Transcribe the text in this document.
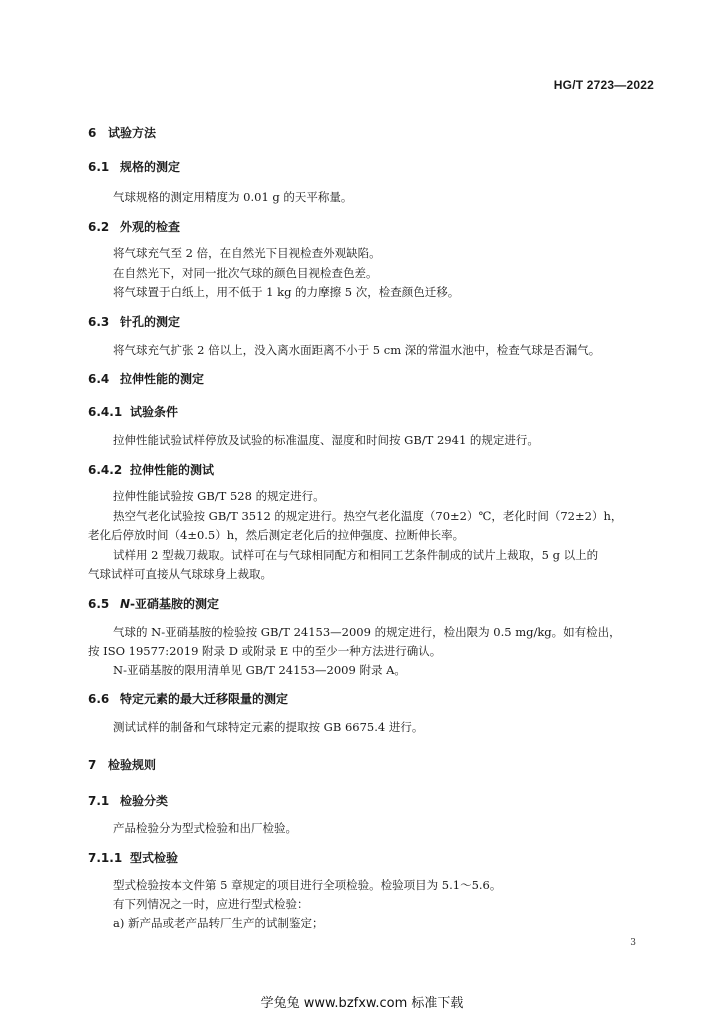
HG/T 2723—2022
6 试验方法
6.1 规格的测定
气球规格的测定用精度为 0.01 g 的天平称量。
6.2 外观的检查
将气球充气至 2 倍，在自然光下目视检查外观缺陷。
在自然光下，对同一批次气球的颜色目视检查色差。
将气球置于白纸上，用不低于 1 kg 的力摩擦 5 次，检查颜色迁移。
6.3 针孔的测定
将气球充气扩张 2 倍以上，没入离水面距离不小于 5 cm 深的常温水池中，检查气球是否漏气。
6.4 拉伸性能的测定
6.4.1 试验条件
拉伸性能试验试样停放及试验的标准温度、湿度和时间按 GB/T 2941 的规定进行。
6.4.2 拉伸性能的测试
拉伸性能试验按 GB/T 528 的规定进行。
热空气老化试验按 GB/T 3512 的规定进行。热空气老化温度（70±2）℃，老化时间（72±2）h，
老化后停放时间（4±0.5）h，然后测定老化后的拉伸强度、拉断伸长率。
试样用 2 型裁刀裁取。试样可在与气球相同配方和相同工艺条件制成的试片上裁取，5 g 以上的
气球试样可直接从气球球身上裁取。
6.5 N-亚硝基胺的测定
气球的 N-亚硝基胺的检验按 GB/T 24153—2009 的规定进行，检出限为 0.5 mg/kg。如有检出，
按 ISO 19577:2019 附录 D 或附录 E 中的至少一种方法进行确认。
N-亚硝基胺的限用清单见 GB/T 24153—2009 附录 A。
6.6 特定元素的最大迁移限量的测定
测试试样的制备和气球特定元素的提取按 GB 6675.4 进行。
7 检验规则
7.1 检验分类
产品检验分为型式检验和出厂检验。
7.1.1 型式检验
型式检验按本文件第 5 章规定的项目进行全项检验。检验项目为 5.1～5.6。
有下列情况之一时，应进行型式检验：
a) 新产品或老产品转厂生产的试制鉴定；
3
学兔兔 www.bzfxw.com 标准下载
